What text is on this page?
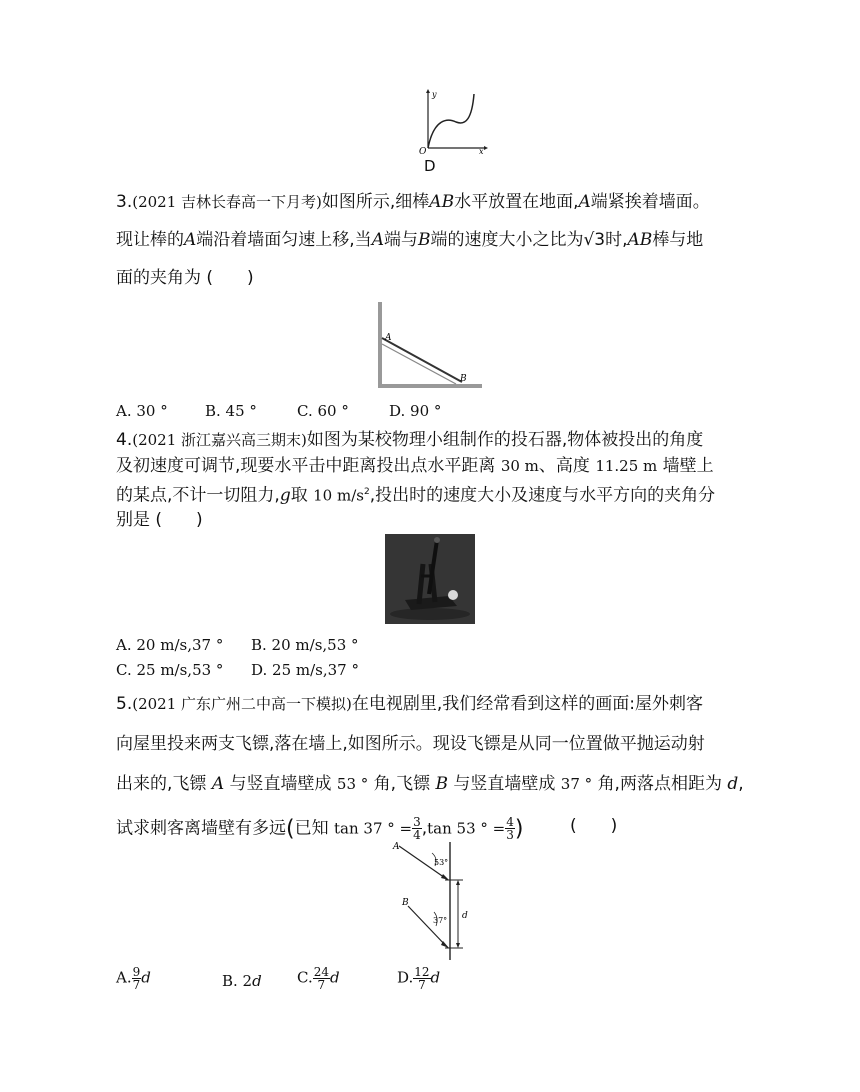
y
x
O
D
3.(2021 吉林长春高一下月考)如图所示,细棒AB水平放置在地面,A端紧挨着墙面。
现让棒的A端沿着墙面匀速上移,当A端与B端的速度大小之比为√3时,AB棒与地
面的夹角为 (　　)
A
B
A. 30 ° B. 45 °	C. 60 °	D. 90 °
4.(2021 浙江嘉兴高三期末)如图为某校物理小组制作的投石器,物体被投出的角度
及初速度可调节,现要水平击中距离投出点水平距离 30 m、高度 11.25 m 墙壁上
的某点,不计一切阻力,g取 10 $m/s^2$,投出时的速度大小及速度与水平方向的夹角分
别是 (　　)
A. 20 m/s,37 ° B. 20 m/s,53 °
C. 25 m/s,53 ° D. 25 m/s,37 °
5.(2021 广东广州二中高一下模拟)在电视剧里,我们经常看到这样的画面:屋外刺客
向屋里投来两支飞镖,落在墙上,如图所示。现设飞镖是从同一位置做平抛运动射
出来的,飞镖 A 与竖直墙壁成 53 ° 角,飞镖 B 与竖直墙壁成 37 ° 角,两落点相距为 d,
试求刺客离墙壁有多远(已知 tan 37 ° = $\frac{3}{4} ,\tan$ 53 ° = $\frac{4}{3}$ )	(　　)
A
53°
B
37° d
A. $\frac{9}{7}$ d	B. 2d C. $\frac{24}{7}$ d	D. $\frac{12}{7}$ d
